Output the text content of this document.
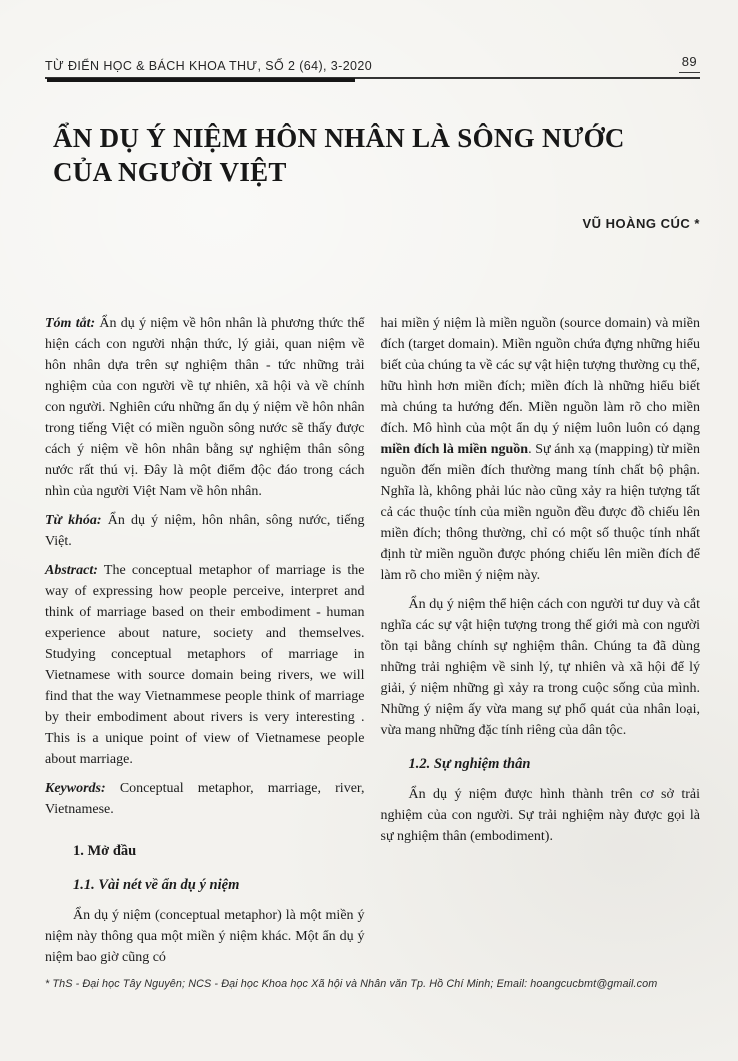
TỪ ĐIỂN HỌC & BÁCH KHOA THƯ, SỐ 2 (64), 3-2020	89
ẨN DỤ Ý NIỆM HÔN NHÂN LÀ SÔNG NƯỚC
CỦA NGƯỜI VIỆT
VŨ HOÀNG CÚC *

Tóm tắt: Ẩn dụ ý niệm về hôn nhân là phương thức thể hiện cách con người nhận thức, lý giải, quan niệm về hôn nhân dựa trên sự nghiệm thân - tức những trải nghiệm của con người về tự nhiên, xã hội và về chính con người. Nghiên cứu những ẩn dụ ý niệm về hôn nhân trong tiếng Việt có miền nguồn sông nước sẽ thấy được cách ý niệm về hôn nhân bằng sự nghiệm thân sông nước rất thú vị. Đây là một điểm độc đáo trong cách nhìn của người Việt Nam về hôn nhân.

Từ khóa: Ẩn dụ ý niệm, hôn nhân, sông nước, tiếng Việt.

Abstract: The conceptual metaphor of marriage is the way of expressing how people perceive, interpret and think of marriage based on their embodiment - human experience about nature, society and themselves. Studying conceptual metaphors of marriage in Vietnamese with source domain being rivers, we will find that the way Vietnammese people think of marriage by their embodiment about rivers is very interesting . This is a unique point of view of Vietnamese people about marriage.

Keywords: Conceptual metaphor, marriage, river, Vietnamese.

1. Mở đầu
1.1. Vài nét về ẩn dụ ý niệm

Ẩn dụ ý niệm (conceptual metaphor) là một miền ý niệm này thông qua một miền ý niệm khác. Một ẩn dụ ý niệm bao giờ cũng có

hai miền ý niệm là miền nguồn (source domain) và miền đích (target domain). Miền nguồn chứa đựng những hiểu biết của chúng ta về các sự vật hiện tượng thường cụ thể, hữu hình hơn miền đích; miền đích là những hiểu biết mà chúng ta hướng đến. Miền nguồn làm rõ cho miền đích. Mô hình của một ẩn dụ ý niệm luôn luôn có dạng miền đích là miền nguồn. Sự ánh xạ (mapping) từ miền nguồn đến miền đích thường mang tính chất bộ phận. Nghĩa là, không phải lúc nào cũng xảy ra hiện tượng tất cả các thuộc tính của miền nguồn đều được đồ chiếu lên miền đích; thông thường, chỉ có một số thuộc tính nhất định từ miền nguồn được phóng chiếu lên miền đích để làm rõ cho miền ý niệm này.

Ẩn dụ ý niệm thể hiện cách con người tư duy và cắt nghĩa các sự vật hiện tượng trong thế giới mà con người tồn tại bằng chính sự nghiệm thân. Chúng ta đã dùng những trải nghiệm về sinh lý, tự nhiên và xã hội để lý giải, ý niệm những gì xảy ra trong cuộc sống của mình. Những ý niệm ấy vừa mang sự phổ quát của nhân loại, vừa mang những đặc tính riêng của dân tộc.

1.2. Sự nghiệm thân

Ẩn dụ ý niệm được hình thành trên cơ sở trải nghiệm của con người. Sự trải nghiệm này được gọi là sự nghiệm thân (embodiment).

* ThS - Đại học Tây Nguyên; NCS - Đại học Khoa học Xã hội và Nhân văn Tp. Hồ Chí Minh; Email: hoangcucbmt@gmail.com
